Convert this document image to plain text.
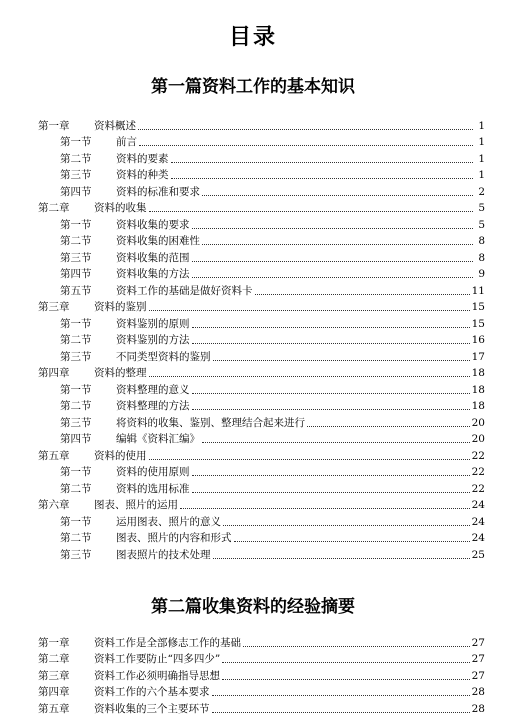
目录
第一篇资料工作的基本知识
第一章	资料概述	1
第一节	前言	1
第二节	资料的要素	1
第三节	资料的种类	1
第四节	资料的标准和要求	2
第二章	资料的收集	5
第一节	资料收集的要求	5
第二节	资料收集的困难性	8
第三节	资料收集的范围	8
第四节	资料收集的方法	9
第五节	资料工作的基础是做好资料卡	11
第三章	资料的鉴别	15
第一节	资料鉴别的原则	15
第二节	资料鉴别的方法	16
第三节	不同类型资料的鉴别	17
第四章	资料的整理	18
第一节	资料整理的意义	18
第二节	资料整理的方法	18
第三节	将资料的收集、鉴别、整理结合起来进行	20
第四节	编辑《资料汇编》	20
第五章	资料的使用	22
第一节	资料的使用原则	22
第二节	资料的选用标准	22
第六章	图表、照片的运用	24
第一节	运用图表、照片的意义	24
第二节	图表、照片的内容和形式	24
第三节	图表照片的技术处理	25
第二篇收集资料的经验摘要
第一章	资料工作是全部修志工作的基础	27
第二章	资料工作要防止“四多四少”	27
第三章	资料工作必须明确指导思想	27
第四章	资料工作的六个基本要求	28
第五章	资料收集的三个主要环节	28
